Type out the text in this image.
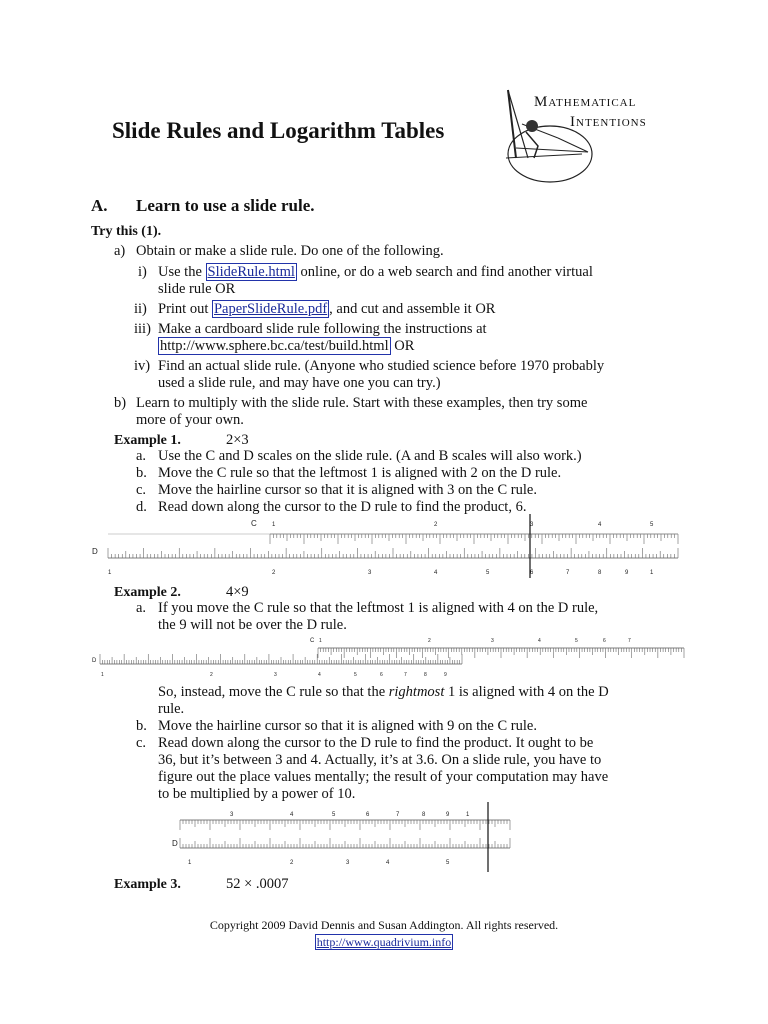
Slide Rules and Logarithm Tables
Mathematical
Intentions
A. Learn to use a slide rule.
Try this (1).
a) Obtain or make a slide rule. Do one of the following.
i) Use the SlideRule.html online, or do a web search and find another virtual
slide rule OR
ii) Print out PaperSlideRule.pdf , and cut and assemble it OR
iii) Make a cardboard slide rule following the instructions at
http://www.sphere.bc.ca/test/build.html OR
iv) Find an actual slide rule. (Anyone who studied science before 1970 probably
used a slide rule, and may have one you can try.)
b) Learn to multiply with the slide rule. Start with these examples, then try some
more of your own.
Example 1.	2×3
a. Use the C and D scales on the slide rule. (A and B scales will also work.)
b. Move the C rule so that the leftmost 1 is aligned with 2 on the D rule.
c. Move the hairline cursor so that it is aligned with 3 on the C rule.
d. Read down along the cursor to the D rule to find the product, 6.
C
D
1	2	3	4	5
1	2	3	4	5	6	7	8	9	1
Example 2.	4×9
a. If you move the C rule so that the leftmost 1 is aligned with 4 on the D rule,
the 9 will not be over the D rule.
C
D
1	2	3	4	5	6	7
1	2	3	4	5	6	7	8	9
So, instead, move the C rule so that the rightmost 1 is aligned with 4 on the D
rule.
b. Move the hairline cursor so that it is aligned with 9 on the C rule.
c. Read down along the cursor to the D rule to find the product. It ought to be
36, but it’s between 3 and 4. Actually, it’s at 3.6. On a slide rule, you have to
figure out the place values mentally; the result of your computation may have
to be multiplied by a power of 10.
D
3	4	5	6	7	8	9	1
1	2	3	4	5
Example 3.	52 × .0007
Copyright 2009 David Dennis and Susan Addington. All rights reserved.
http://www.quadrivium.info
